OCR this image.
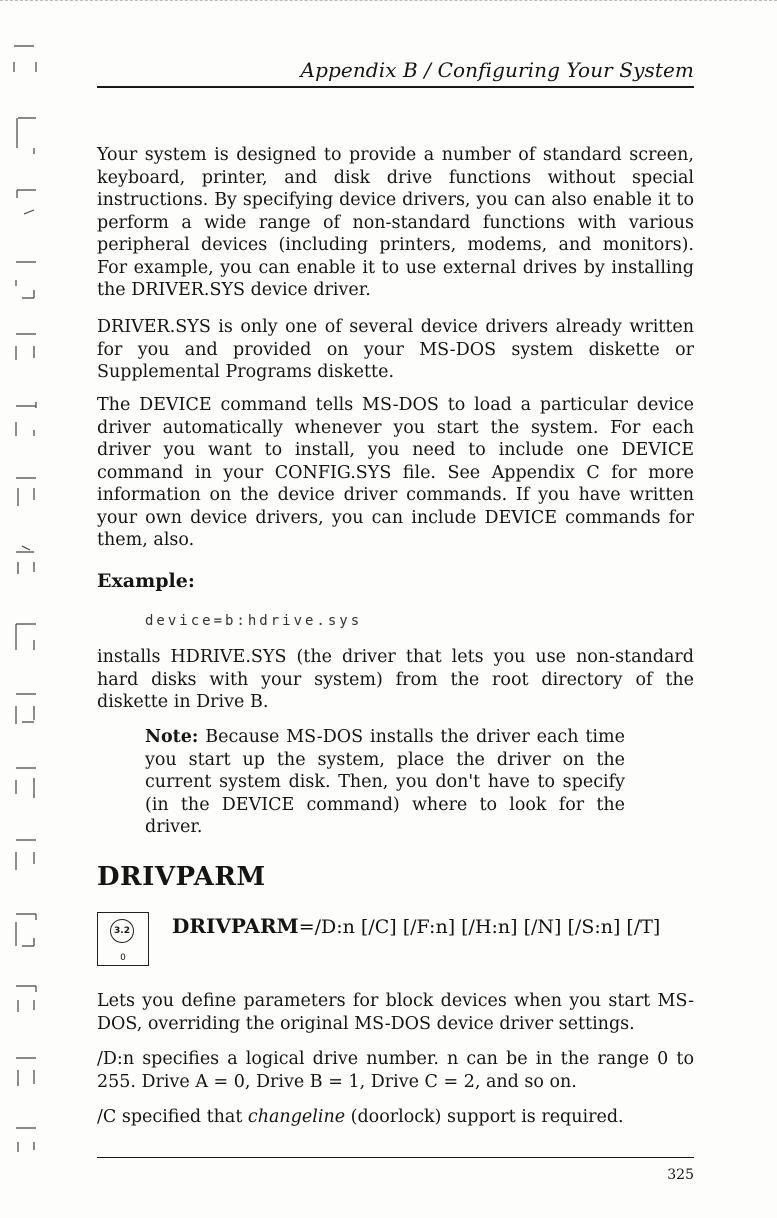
Appendix B / Configuring Your System
Your system is designed to provide a number of standard screen, keyboard, printer, and disk drive functions without special instructions. By specifying device drivers, you can also enable it to perform a wide range of non-standard functions with various peripheral devices (including printers, modems, and monitors). For example, you can enable it to use external drives by installing the DRIVER.SYS device driver.
DRIVER.SYS is only one of several device drivers already written for you and provided on your MS-DOS system diskette or Supplemental Programs diskette.
The DEVICE command tells MS-DOS to load a particular device driver automatically whenever you start the system. For each driver you want to install, you need to include one DEVICE command in your CONFIG.SYS file. See Appendix C for more information on the device driver commands. If you have written your own device drivers, you can include DEVICE commands for them, also.
Example:
device=b:hdrive.sys
installs HDRIVE.SYS (the driver that lets you use non-standard hard disks with your system) from the root directory of the diskette in Drive B.
Note: Because MS-DOS installs the driver each time you start up the system, place the driver on the current system disk. Then, you don't have to specify (in the DEVICE command) where to look for the driver.
DRIVPARM
3.2
0
DRIVPARM=/D:n [/C] [/F:n] [/H:n] [/N] [/S:n] [/T]
Lets you define parameters for block devices when you start MS-DOS, overriding the original MS-DOS device driver settings.
/D:n specifies a logical drive number. n can be in the range 0 to 255. Drive A = 0, Drive B = 1, Drive C = 2, and so on.
/C specified that changeline (doorlock) support is required.
325
